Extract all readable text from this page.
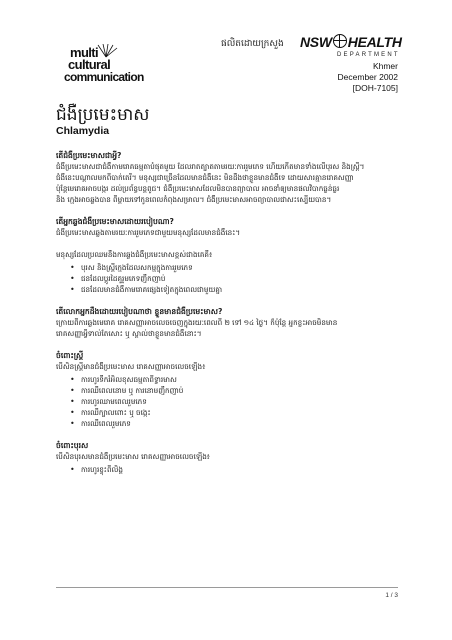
multi
cultural
communication
ផលិតដោយក្រសួង NSW HEALTH
DEPARTMENT
Khmer
December 2002
[DOH-7105]
ជំងឺប្រមេះមាស
Chlamydia
តើជំងឺប្រមេះមាសជាអ្វី?
ជំងឺប្រមេះមាសជាជំងឺកាមរោគធម្មតាបំផុតមួយ ដែលរាតត្បាតតាមរយៈការរួមភេទ ហើយកើតមានទាំងលើបុរស និងស្ត្រី។
ជំងឺនេះបណ្ដាលមកពីបាក់តេរី។ មនុស្សជាច្រើនដែលមានជំងឺនេះ មិនដឹងថាខ្លួនមានជំងឺទេ ដោយសារគ្មានរោគសញ្ញា
ប៉ុន្តែមេរោគអាចបង្ករ ដល់ប្រព័ន្ធបន្តពូជ។ ជំងឺប្រមេះមាសដែលមិនបានព្យាបាល អាចនាំឲ្យមានផលវិបាកធ្ងន់ធ្ងរ
និង ក្មេងអាចឆ្លងបាន ពីម្ដាយទៅកូនពេលកំពុងសម្រាល។ ជំងឺប្រមេះមាសអាចព្យាបាលជាសះស្បើយបាន។
តើអ្នកឆ្លងជំងឺប្រមេះមាសដោយរបៀបណា?
ជំងឺប្រមេះមាសឆ្លងតាមរយៈការរួមភេទជាមួយមនុស្សដែលមានជំងឺនេះ។
មនុស្សដែលប្រឈមនឹងការឆ្លងជំងឺប្រមេះមាសខ្ពស់ជាងគេគឺ៖
• បុរស និងស្ត្រីក្មេងដែលសកម្មក្នុងការរួមភេទ
• ជនដែលប្ដូរដៃគូរួមភេទញឹកញាប់
• ជនដែលមានជំងឺកាមរោគផ្សេងទៀតក្នុងពេលជាមួយគ្នា
តើលោកអ្នកដឹងដោយរបៀបណាថា ខ្លួនមានជំងឺប្រមេះមាស?
ក្រោយពីការឆ្លងមេរោគ រោគសញ្ញាអាចលេចចេញក្នុងរយៈពេលពី ២ ទៅ ១៤ ថ្ងៃ។ ក៏ប៉ុន្តែ អ្នកខ្លះអាចមិនមាន
រោគសញ្ញាអ្វីទាល់តែសោះ ឬ ស្គាល់ថាខ្លួនមានជំងឺនោះ។
ចំពោះស្ត្រី
បើសិនស្ត្រីមានជំងឺប្រមេះមាស រោគសញ្ញាអាចលេចឡើង៖
• ការហូរទឹករំអិលខុសធម្មតាពីទ្វារមាស
• ការឈឺពេលនោម ឬ ការនោមញឹកញាប់
• ការហូរឈាមពេលរួមភេទ
• ការឈឺក្បាលពោះ ឬ ចង្កេះ
• ការឈឺពេលរួមភេទ
ចំពោះបុរស
បើសិនបុរសមានជំងឺប្រមេះមាស រោគសញ្ញាអាចលេចឡើង៖
• ការហូរខ្ទុះពីលិង្គ
1 / 3
